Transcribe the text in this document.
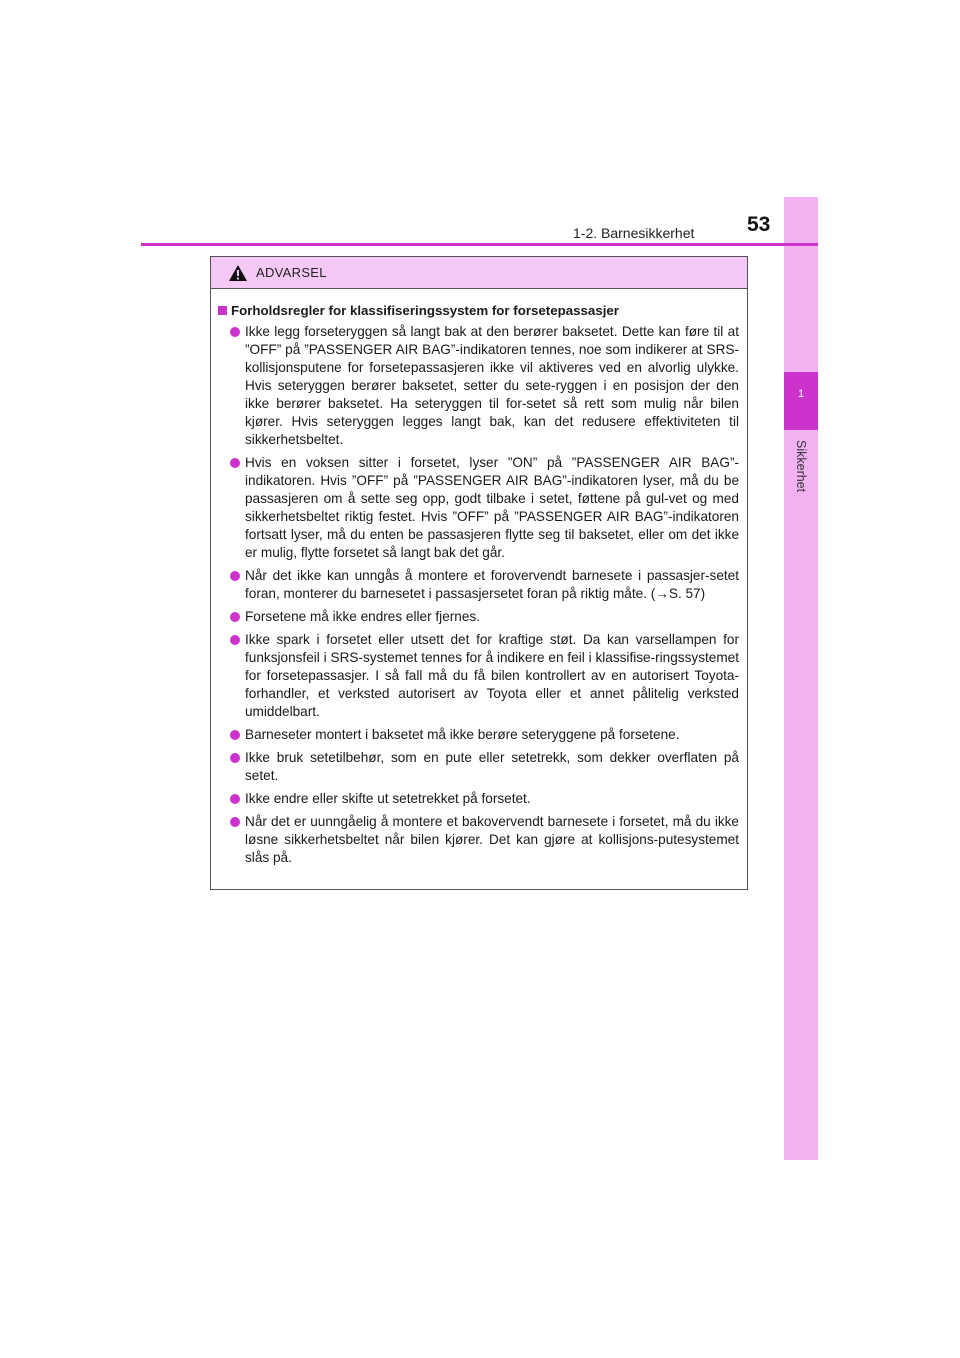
1
Sikkerhet
1-2. Barnesikkerhet	53
ADVARSEL
Forholdsregler for klassifiseringssystem for forsetepassasjer
Ikke legg forseteryggen så langt bak at den berører baksetet. Dette kan føre til at ”OFF” på ”PASSENGER AIR BAG”-indikatoren tennes, noe som indikerer at SRS-kollisjonsputene for forsetepassasjeren ikke vil aktiveres ved en alvorlig ulykke. Hvis seteryggen berører baksetet, setter du sete-ryggen i en posisjon der den ikke berører baksetet. Ha seteryggen til for-setet så rett som mulig når bilen kjører. Hvis seteryggen legges langt bak, kan det redusere effektiviteten til sikkerhetsbeltet.
Hvis en voksen sitter i forsetet, lyser ”ON” på ”PASSENGER AIR BAG”-indikatoren. Hvis ”OFF” på ”PASSENGER AIR BAG”-indikatoren lyser, må du be passasjeren om å sette seg opp, godt tilbake i setet, føttene på gul-vet og med sikkerhetsbeltet riktig festet. Hvis ”OFF” på ”PASSENGER AIR BAG”-indikatoren fortsatt lyser, må du enten be passasjeren flytte seg til baksetet, eller om det ikke er mulig, flytte forsetet så langt bak det går.
Når det ikke kan unngås å montere et forovervendt barnesete i passasjer-setet foran, monterer du barnesetet i passasjersetet foran på riktig måte. (→S. 57)
Forsetene må ikke endres eller fjernes.
Ikke spark i forsetet eller utsett det for kraftige støt. Da kan varsellampen for funksjonsfeil i SRS-systemet tennes for å indikere en feil i klassifise-ringssystemet for forsetepassasjer. I så fall må du få bilen kontrollert av en autorisert Toyota-forhandler, et verksted autorisert av Toyota eller et annet pålitelig verksted umiddelbart.
Barneseter montert i baksetet må ikke berøre seteryggene på forsetene.
Ikke bruk setetilbehør, som en pute eller setetrekk, som dekker overflaten på setet.
Ikke endre eller skifte ut setetrekket på forsetet.
Når det er uunngåelig å montere et bakovervendt barnesete i forsetet, må du ikke løsne sikkerhetsbeltet når bilen kjører. Det kan gjøre at kollisjons-putesystemet slås på.
